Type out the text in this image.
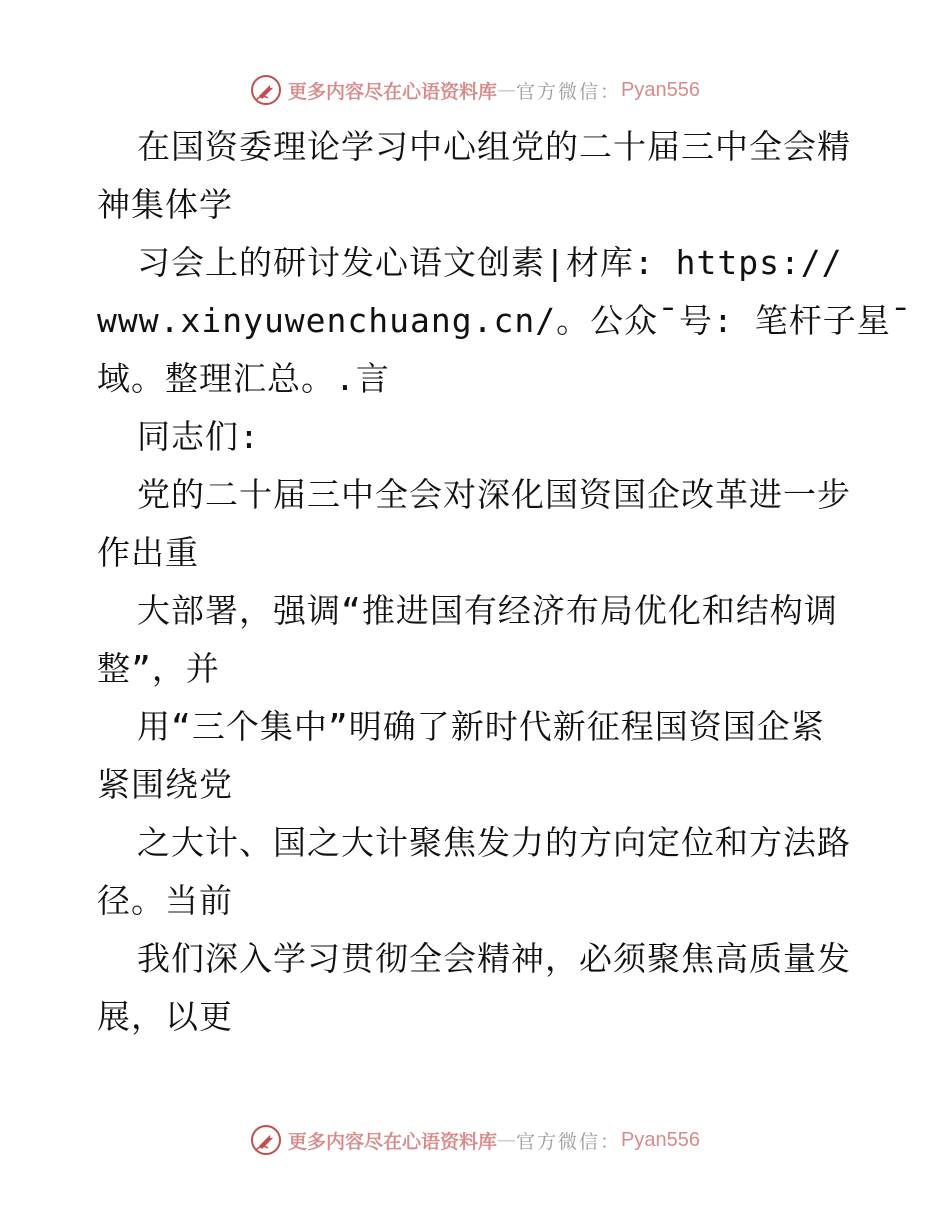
更多内容尽在心语资料库 — 官方微信： Pyan556
在国资委理论学习中心组党的二十届三中全会精
神集体学
习会上的研讨发心语文创素|材库: https://
www.xinyuwenchuang.cn/。公众¯号: 笔杆子星¯
域。整理汇总。.言
同志们:
党的二十届三中全会对深化国资国企改革进一步
作出重
大部署，强调“推进国有经济布局优化和结构调
整”，并
用“三个集中”明确了新时代新征程国资国企紧
紧围绕党
之大计、国之大计聚焦发力的方向定位和方法路
径。当前
我们深入学习贯彻全会精神，必须聚焦高质量发
展，以更
更多内容尽在心语资料库 — 官方微信： Pyan556
